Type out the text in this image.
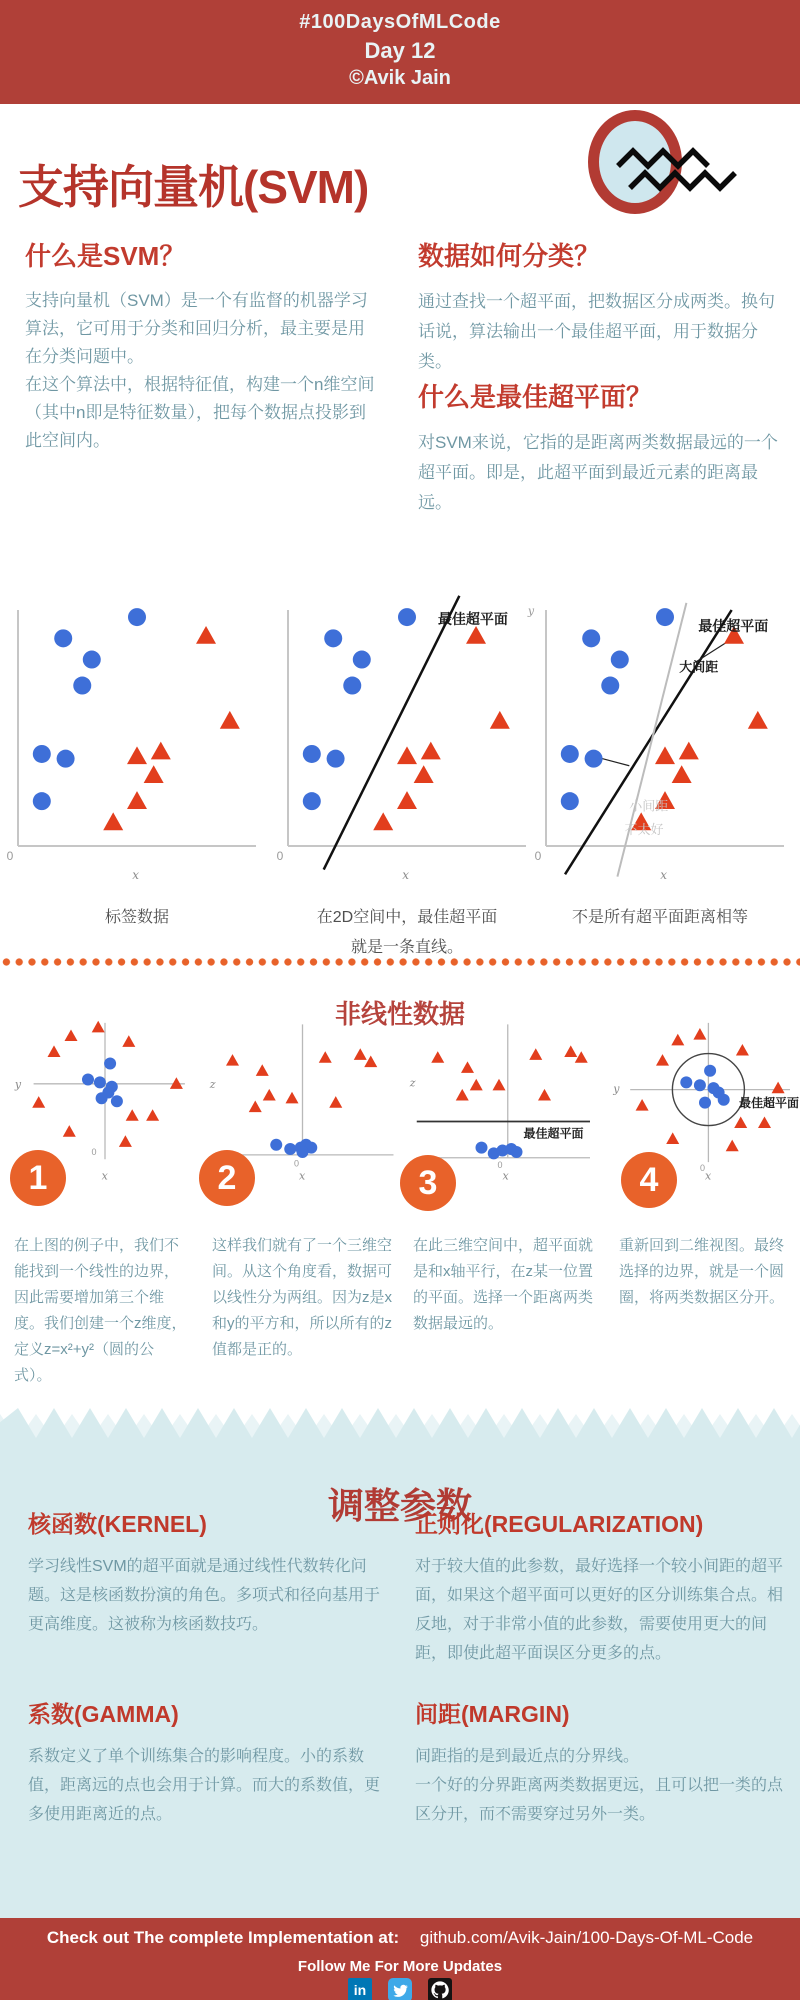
#100DaysOfMLCode
Day 12
©Avik Jain
支持向量机(SVM)
什么是SVM？

支持向量机（SVM）是一个有监督的机器学习算法，它可用于分类和回归分析，最主要是用在分类问题中。

在这个算法中，根据特征值，构建一个n维空间（其中n即是特征数量），把每个数据点投影到此空间内。

数据如何分类？

通过查找一个超平面，把数据区分成两类。换句话说，算法输出一个最佳超平面，用于数据分类。

什么是最佳超平面？

对SVM来说，它指的是距离两类数据最远的一个超平面。即是，此超平面到最近元素的距离最远。

0
x
0
x
最佳超平面 y
0
x
最佳超平面
大间距
小间距
不太好
标签数据	在2D空间中，最佳超平面
就是一条直线。
不是所有超平面距离相等
非线性数据
y
x
0
z
x
0
z
x
0
最佳超平面
y
x
0
最佳超平面
1	2	3	4

在上图的例子中，我们不能找到一个线性的边界，因此需要增加第三个维度。我们创建一个z维度，定义z=x²+y²（圆的公式）。

这样我们就有了一个三维空间。从这个角度看，数据可以线性分为两组。因为z是x和y的平方和，所以所有的z值都是正的。

在此三维空间中，超平面就是和x轴平行，在z某一位置的平面。选择一个距离两类数据最远的。

重新回到二维视图。最终选择的边界，就是一个圆圈，将两类数据区分开。

调整参数
核函数(KERNEL)

学习线性SVM的超平面就是通过线性代数转化问题。这是核函数扮演的角色。多项式和径向基用于更高维度。这被称为核函数技巧。

正则化(REGULARIZATION)

对于较大值的此参数，最好选择一个较小间距的超平面，如果这个超平面可以更好的区分训练集合点。相反地，对于非常小值的此参数，需要使用更大的间距，即使此超平面误区分更多的点。

系数(GAMMA)

系数定义了单个训练集合的影响程度。小的系数值，距离远的点也会用于计算。而大的系数值，更多使用距离近的点。

间距(MARGIN)

间距指的是到最近点的分界线。

一个好的分界距离两类数据更远，且可以把一类的点区分开，而不需要穿过另外一类。

Check out The complete Implementation at: github.com/Avik-Jain/100-Days-Of-ML-Code
Follow Me For More Updates
in
